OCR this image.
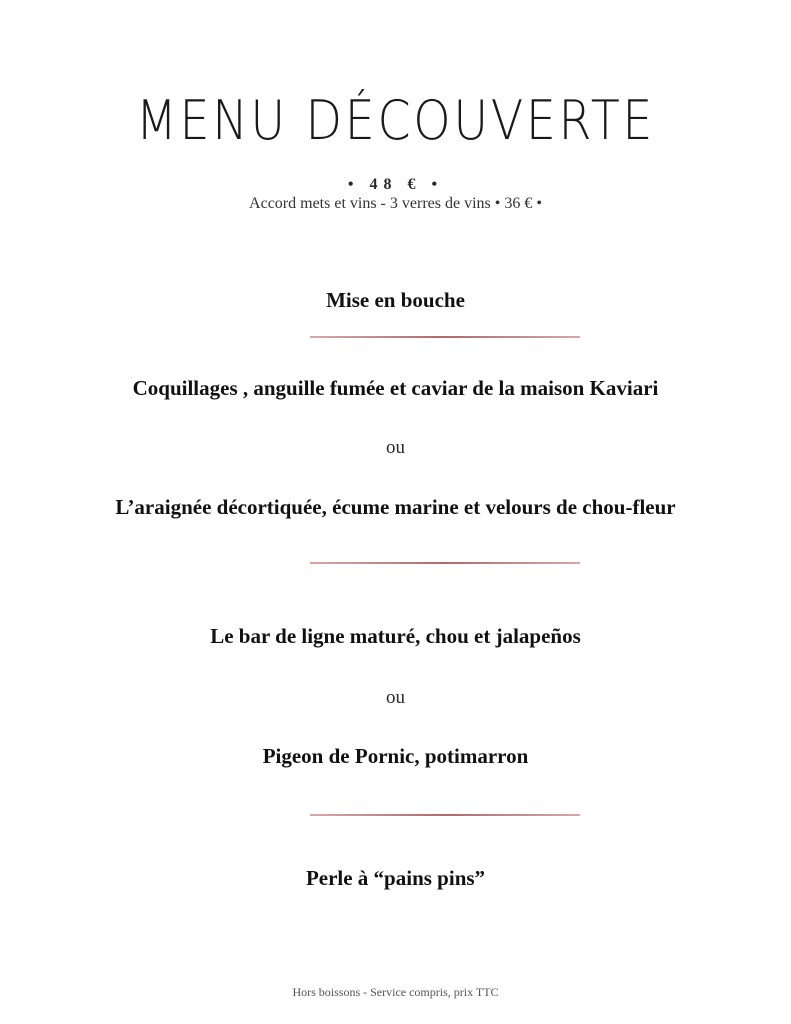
MENU DÉCOUVERTE
• 48 € •
Accord mets et vins - 3 verres de vins • 36 € •
Mise en bouche
Coquillages , anguille fumée et caviar de la maison Kaviari
ou
L’araignée décortiquée, écume marine et velours de chou-fleur
Le bar de ligne maturé, chou et jalapeños
ou
Pigeon de Pornic, potimarron
Perle à “pains pins”
Hors boissons - Service compris, prix TTC
